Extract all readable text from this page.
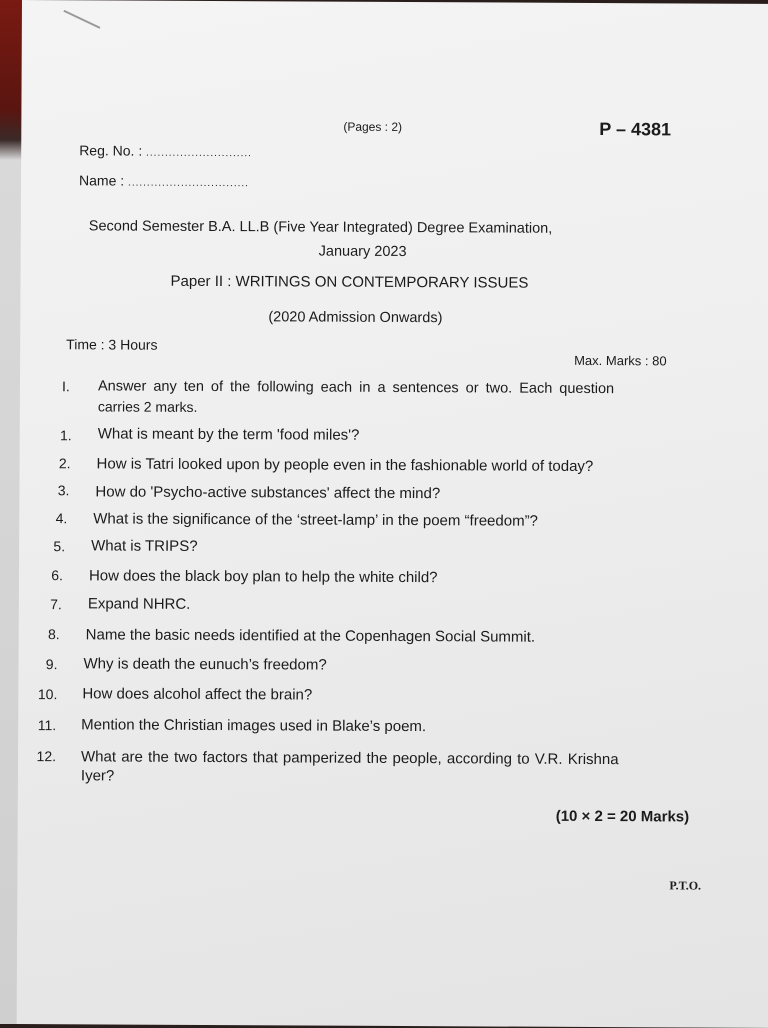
(Pages : 2)	P – 4381
Reg. No. : ............................
Name : ................................
Second Semester B.A. LL.B (Five Year Integrated) Degree Examination,
January 2023
Paper II : WRITINGS ON CONTEMPORARY ISSUES
(2020 Admission Onwards)
Time : 3 Hours
Max. Marks : 80
I. Answer any ten of the following each in a sentences or two. Each question
carries 2 marks.
1. What is meant by the term 'food miles'?
2. How is Tatri looked upon by people even in the fashionable world of today?
3. How do 'Psycho-active substances' affect the mind?
4. What is the significance of the ‘street-lamp’ in the poem “freedom”?
5. What is TRIPS?
6. How does the black boy plan to help the white child?
7. Expand NHRC.
8. Name the basic needs identified at the Copenhagen Social Summit.
9. Why is death the eunuch’s freedom?
10. How does alcohol affect the brain?
11. Mention the Christian images used in Blake’s poem.
12. What are the two factors that pamperized the people, according to V.R. Krishna
Iyer?
(10 × 2 = 20 Marks)
P.T.O.
